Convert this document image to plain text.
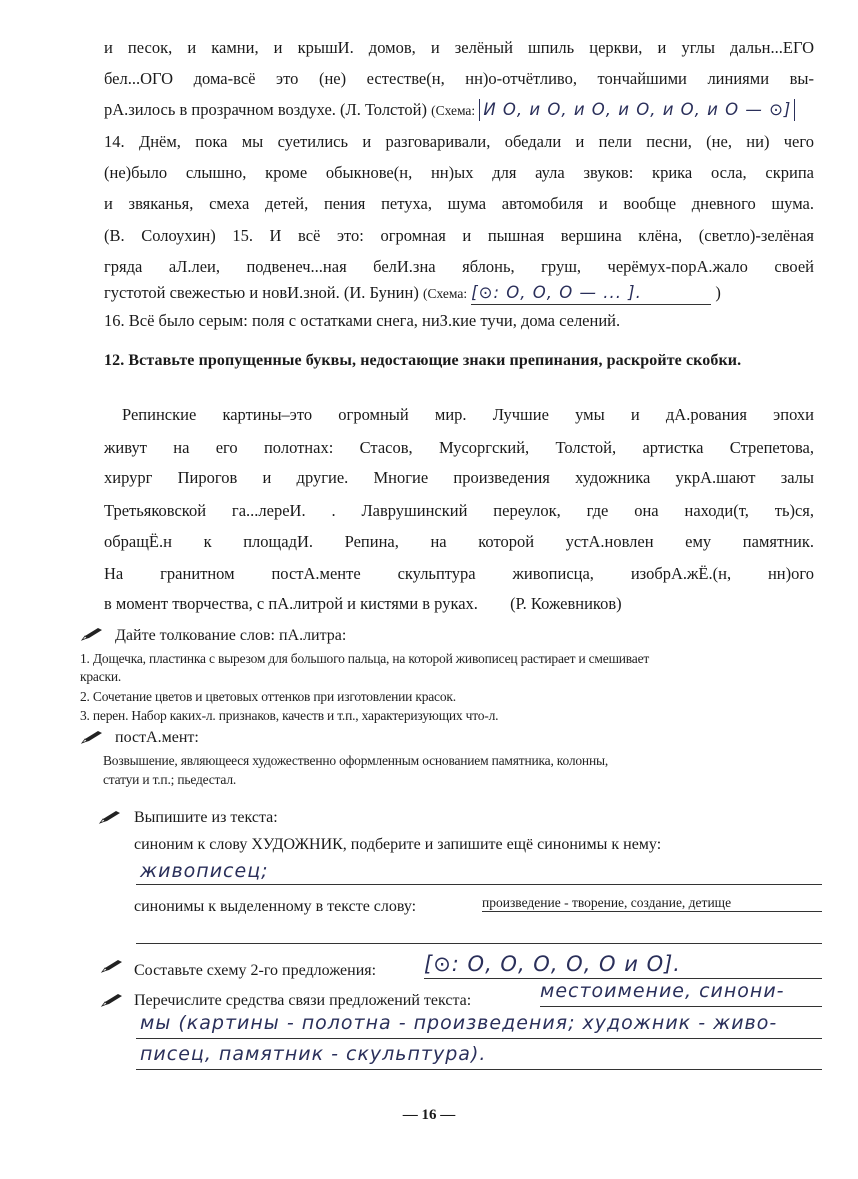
и песок, и камни, и крышИ. домов, и зелёный шпиль церкви, и углы дальн...ЕГО
бел...ОГО дома-всё это (не) естестве(н, нн)о-отчётливо, тончайшими линиями вы-
рА.зилось в прозрачном воздухе. (Л. Толстой) (Схема: И О, и О, и О, и О, и О, и О — ⊙]
14. Днём, пока мы суетились и разговаривали, обедали и пели песни, (не, ни) чего
(не)было слышно, кроме обыкнове(н, нн)ых для аула звуков: крика осла, скрипа
и звяканья, смеха детей, пения петуха, шума автомобиля и вообще дневного шума.
(В. Солоухин) 15. И всё это: огромная и пышная вершина клёна, (светло)-зелёная
гряда аЛ.леи, подвенеч...ная белИ.зна яблонь, груш, черёмух-порА.жало своей
густотой свежестью и новИ.зной. (И. Бунин) (Схема: [⊙: О, О, О — ... ].	)
16. Всё было серым: поля с остатками снега, ниЗ.кие тучи, дома селений.
12. Вставьте пропущенные буквы, недостающие знаки препинания, раскройте скобки.
Репинские картины–это огромный мир. Лучшие умы и дА.рования эпохи
живут на его полотнах: Стасов, Мусоргский, Толстой, артистка Стрепетова,
хирург Пирогов и другие. Многие произведения художника укрА.шают залы
Третьяковской га...лереИ. . Лаврушинский переулок, где она находи(т, ть)ся,
обращЁ.н к площадИ. Репина, на которой устА.новлен ему памятник.
На гранитном постА.менте скульптура живописца, изобрА.жЁ.(н, нн)ого
в момент творчества, с пА.литрой и кистями в руках. (Р. Кожевников)
Дайте толкование слов: пА.литра:
1. Дощечка, пластинка с вырезом для большого пальца, на которой живописец растирает и смешивает
краски.
2. Сочетание цветов и цветовых оттенков при изготовлении красок.
3. перен. Набор каких-л. признаков, качеств и т.п., характеризующих что-л.
постА.мент:
Возвышение, являющееся художественно оформленным основанием памятника, колонны,
статуи и т.п.; пьедестал.
Выпишите из текста:
синоним к слову ХУДОЖНИК, подберите и запишите ещё синонимы к нему:
живописец;
синонимы к выделенному в тексте слову:	произведение - творение, создание, детище
Составьте схему 2-го предложения: [⊙: О, О, О, О, О и О].
Перечислите средства связи предложений текста:	местоимение, синони-
мы (картины - полотна - произведения; художник - живо-
писец, памятник - скульптура).
— 16 —
